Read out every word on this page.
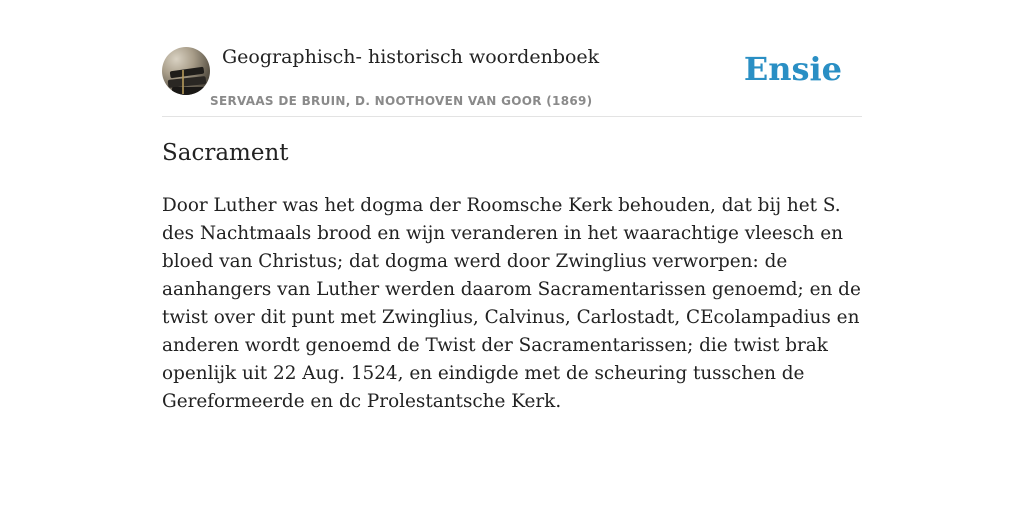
Geographisch- historisch woordenboek
SERVAAS DE BRUIN, D. NOOTHOVEN VAN GOOR (1869)
Ensie
Sacrament

Door Luther was het dogma der Roomsche Kerk behouden, dat bij het S. des Nachtmaals brood en wijn veranderen in het waarachtige vleesch en bloed van Christus; dat dogma werd door Zwinglius verworpen: de aanhangers van Luther werden daarom Sacramentarissen genoemd; en de twist over dit punt met Zwinglius, Calvinus, Carlostadt, CEcolampadius en anderen wordt genoemd de Twist der Sacramentarissen; die twist brak openlijk uit 22 Aug. 1524, en eindigde met de scheuring tusschen de Gereformeerde en dc Prolestantsche Kerk.
